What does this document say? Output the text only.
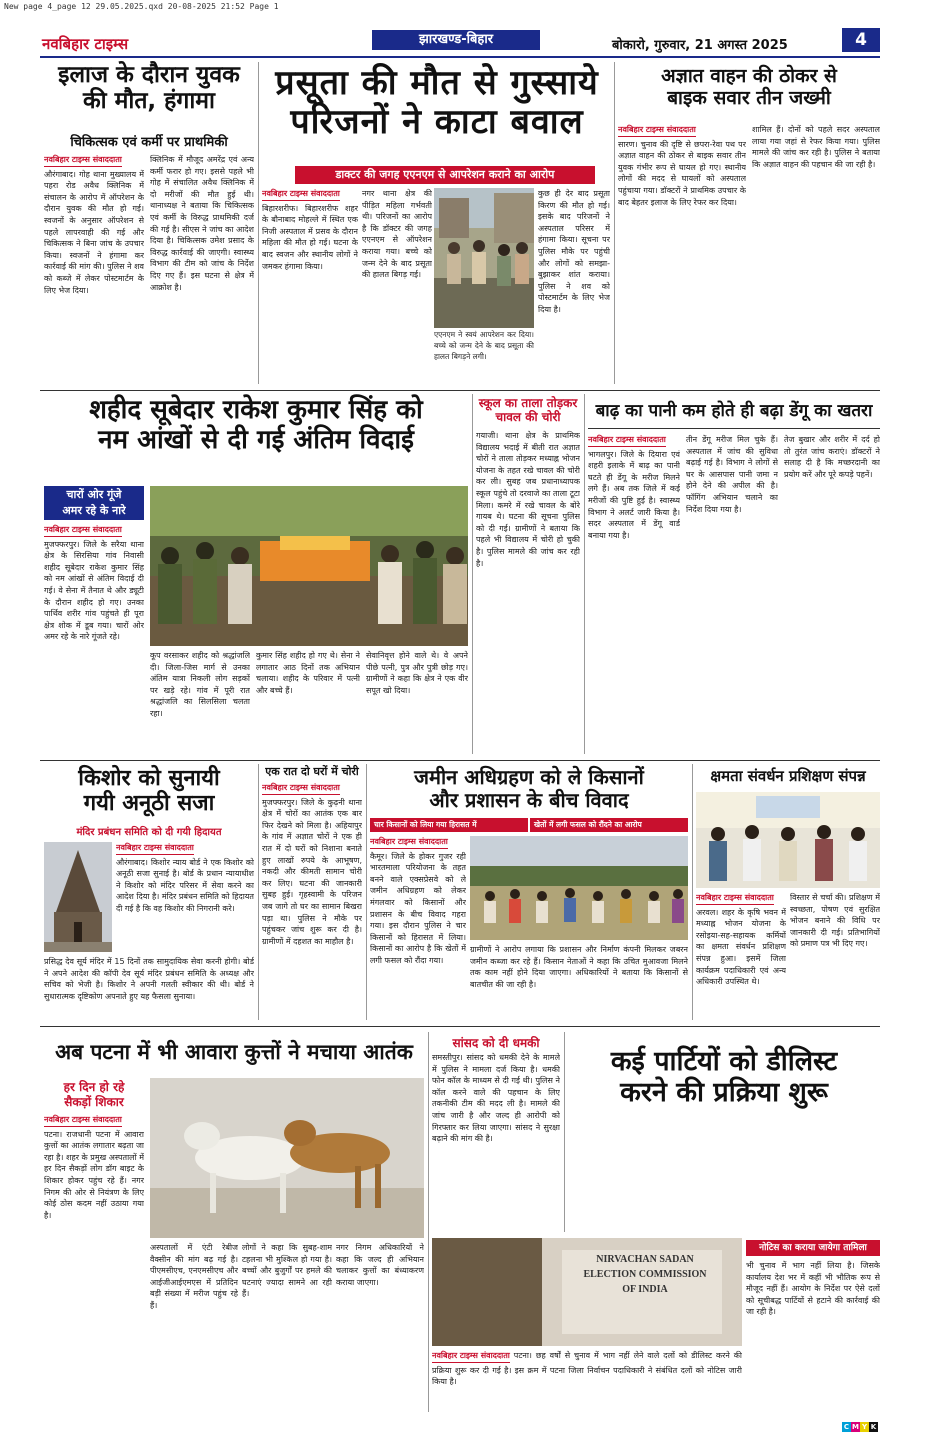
New page 4_page 12 29.05.2025.qxd 20-08-2025 21:52 Page 1
नवबिहार टाइम्स	झारखण्ड-बिहार	बोकारो, गुरुवार, 21 अगस्त 2025	4
इलाज के दौरान युवक
की मौत, हंगामा
चिकित्सक एवं कर्मी पर प्राथमिकी
नवबिहार टाइम्स संवाददाता
औरंगाबाद। गोह थाना मुख्यालय में पहरा रोड अवैध क्लिनिक में संचालन के आरोप में ऑपरेशन के दौरान युवक की मौत हो गई। स्वजनों के अनुसार ऑपरेशन से पहले लापरवाही की गई और चिकित्सक ने बिना जांच के उपचार किया। स्वजनों ने हंगामा कर कार्रवाई की मांग की। पुलिस ने शव को कब्जे में लेकर पोस्टमार्टम के लिए भेज दिया।
क्लिनिक में मौजूद अमरेंद्र एवं अन्य कर्मी फरार हो गए। इससे पहले भी गोह में संचालित अवैध क्लिनिक में दो मरीजों की मौत हुई थी। थानाध्यक्ष ने बताया कि चिकित्सक एवं कर्मी के विरुद्ध प्राथमिकी दर्ज की गई है। सीएस ने जांच का आदेश दिया है। चिकित्सक उमेश प्रसाद के विरुद्ध कार्रवाई की जाएगी। स्वास्थ्य विभाग की टीम को जांच के निर्देश दिए गए हैं। इस घटना से क्षेत्र में आक्रोश है।
प्रसूता की मौत से गुस्साये
परिजनों ने काटा बवाल
डाक्टर की जगह एएनएम से आपरेशन कराने का आरोप
नवबिहार टाइम्स संवाददाता
बिहारशरीफ। बिहारशरीफ शहर के बौनाबाद मोहल्ले में स्थित एक निजी अस्पताल में प्रसव के दौरान महिला की मौत हो गई। घटना के बाद स्वजन और स्थानीय लोगों ने जमकर हंगामा किया।
नगर थाना क्षेत्र की पीड़ित महिला गर्भवती थी। परिजनों का आरोप है कि डॉक्टर की जगह एएनएम से ऑपरेशन कराया गया। बच्चे को जन्म देने के बाद प्रसूता की हालत बिगड़ गई।
एएनएम ने स्वयं आपरेशन कर दिया। बच्चे को जन्म देने के बाद प्रसूता की हालत बिगड़ने लगी।
कुछ ही देर बाद प्रसूता किरण की मौत हो गई। इसके बाद परिजनों ने अस्पताल परिसर में हंगामा किया। सूचना पर पुलिस मौके पर पहुंची और लोगों को समझा-बुझाकर शांत कराया। पुलिस ने शव को पोस्टमार्टम के लिए भेज दिया है।
अज्ञात वाहन की ठोकर से
बाइक सवार तीन जख्मी
नवबिहार टाइम्स संवाददाता
सारण। चुनाव की दृष्टि से छपरा-रेवा पथ पर अज्ञात वाहन की ठोकर से बाइक सवार तीन युवक गंभीर रूप से घायल हो गए। स्थानीय लोगों की मदद से घायलों को अस्पताल पहुंचाया गया। डॉक्टरों ने प्राथमिक उपचार के बाद बेहतर इलाज के लिए रेफर कर दिया।
शामिल हैं। दोनों को पहले सदर अस्पताल लाया गया जहां से रेफर किया गया। पुलिस मामले की जांच कर रही है। पुलिस ने बताया कि अज्ञात वाहन की पहचान की जा रही है।
शहीद सूबेदार राकेश कुमार सिंह को
नम आंखों से दी गई अंतिम विदाई
चारों ओर गूंजे
अमर रहे के नारे
नवबिहार टाइम्स संवाददाता
मुजफ्फरपुर। जिले के सरैया थाना क्षेत्र के सिरसिया गांव निवासी शहीद सूबेदार राकेश कुमार सिंह को नम आंखों से अंतिम विदाई दी गई। वे सेना में तैनात थे और ड्यूटी के दौरान शहीद हो गए। उनका पार्थिव शरीर गांव पहुंचते ही पूरा क्षेत्र शोक में डूब गया। चारों ओर अमर रहे के नारे गूंजते रहे।
कूप वरसाकर शहीद को श्रद्धांजलि दी। जिला-जिस मार्ग से उनका अंतिम यात्रा निकली लोग सड़कों पर खड़े रहे। गांव में पूरी रात श्रद्धांजलि का सिलसिला चलता रहा।
कुमार सिंह शहीद हो गए थे। सेना ने लगातार आठ दिनों तक अभियान चलाया। शहीद के परिवार में पत्नी और बच्चे हैं।
सेवानिवृत्त होने वाले थे। वे अपने पीछे पत्नी, पुत्र और पुत्री छोड़ गए। ग्रामीणों ने कहा कि क्षेत्र ने एक वीर सपूत खो दिया।
स्कूल का ताला तोड़कर
चावल की चोरी
गयाजी। थाना क्षेत्र के प्राथमिक विद्यालय भदाई में बीती रात अज्ञात चोरों ने ताला तोड़कर मध्याह्न भोजन योजना के तहत रखे चावल की चोरी कर ली। सुबह जब प्रधानाध्यापक स्कूल पहुंचे तो दरवाजे का ताला टूटा मिला। कमरे में रखे चावल के बोरे गायब थे। घटना की सूचना पुलिस को दी गई। ग्रामीणों ने बताया कि पहले भी विद्यालय में चोरी हो चुकी है। पुलिस मामले की जांच कर रही है।
बाढ़ का पानी कम होते ही बढ़ा डेंगू का खतरा
नवबिहार टाइम्स संवाददाता
भागलपुर। जिले के दियारा एवं शहरी इलाके में बाढ़ का पानी घटते ही डेंगू के मरीज मिलने लगे हैं। अब तक जिले में कई मरीजों की पुष्टि हुई है। स्वास्थ्य विभाग ने अलर्ट जारी किया है। सदर अस्पताल में डेंगू वार्ड बनाया गया है।
तीन डेंगू मरीज मिल चुके हैं। अस्पताल में जांच की सुविधा बढ़ाई गई है। विभाग ने लोगों से घर के आसपास पानी जमा न होने देने की अपील की है। फॉगिंग अभियान चलाने का निर्देश दिया गया है।
तेज बुखार और शरीर में दर्द हो तो तुरंत जांच कराएं। डॉक्टरों ने सलाह दी है कि मच्छरदानी का प्रयोग करें और पूरे कपड़े पहनें।
किशोर को सुनायी
गयी अनूठी सजा
मंदिर प्रबंधन समिति को दी गयी हिदायत
नवबिहार टाइम्स संवाददाता
औरंगाबाद। किशोर न्याय बोर्ड ने एक किशोर को अनूठी सजा सुनाई है। बोर्ड के प्रधान न्यायाधीश ने किशोर को मंदिर परिसर में सेवा करने का आदेश दिया है। मंदिर प्रबंधन समिति को हिदायत दी गई है कि वह किशोर की निगरानी करे।
प्रसिद्ध देव सूर्य मंदिर में 15 दिनों तक सामुदायिक सेवा करनी होगी। बोर्ड ने अपने आदेश की कॉपी देव सूर्य मंदिर प्रबंधन समिति के अध्यक्ष और सचिव को भेजी है। किशोर ने अपनी गलती स्वीकार की थी। बोर्ड ने सुधारात्मक दृष्टिकोण अपनाते हुए यह फैसला सुनाया।
एक रात दो घरों में चोरी
नवबिहार टाइम्स संवाददाता
मुजफ्फरपुर। जिले के कुढ़नी थाना क्षेत्र में चोरों का आतंक एक बार फिर देखने को मिला है। अहियापुर के गांव में अज्ञात चोरों ने एक ही रात में दो घरों को निशाना बनाते हुए लाखों रुपये के आभूषण, नकदी और कीमती सामान चोरी कर लिए। घटना की जानकारी सुबह हुई। गृहस्वामी के परिजन जब जागे तो घर का सामान बिखरा पड़ा था। पुलिस ने मौके पर पहुंचकर जांच शुरू कर दी है। ग्रामीणों में दहशत का माहौल है।
जमीन अधिग्रहण को ले किसानों
और प्रशासन के बीच विवाद
चार किसानों को लिया गया हिरासत में	खेतों में लगी फसल को रौंदने का आरोप
नवबिहार टाइम्स संवाददाता
कैमूर। जिले के होकर गुजर रही भारतमाला परियोजना के तहत बनने वाले एक्सप्रेसवे को ले जमीन अधिग्रहण को लेकर मंगलवार को किसानों और प्रशासन के बीच विवाद गहरा गया। इस दौरान पुलिस ने चार किसानों को हिरासत में लिया। किसानों का आरोप है कि खेतों में लगी फसल को रौंदा गया।
ग्रामीणों ने आरोप लगाया कि प्रशासन और निर्माण कंपनी मिलकर जबरन जमीन कब्जा कर रहे हैं। किसान नेताओं ने कहा कि उचित मुआवजा मिलने तक काम नहीं होने दिया जाएगा। अधिकारियों ने बताया कि किसानों से बातचीत की जा रही है।
क्षमता संवर्धन प्रशिक्षण संपन्न
नवबिहार टाइम्स संवाददाता
अरवल। शहर के कृषि भवन में मध्याह्न भोजन योजना के रसोइया-सह-सहायक कर्मियों का क्षमता संवर्धन प्रशिक्षण संपन्न हुआ। इसमें जिला कार्यक्रम पदाधिकारी एवं अन्य अधिकारी उपस्थित थे।
विस्तार से चर्चा की। प्रशिक्षण में स्वच्छता, पोषण एवं सुरक्षित भोजन बनाने की विधि पर जानकारी दी गई। प्रतिभागियों को प्रमाण पत्र भी दिए गए।
अब पटना में भी आवारा कुत्तों ने मचाया आतंक
हर दिन हो रहे
सैकड़ों शिकार
नवबिहार टाइम्स संवाददाता
पटना। राजधानी पटना में आवारा कुत्तों का आतंक लगातार बढ़ता जा रहा है। शहर के प्रमुख अस्पतालों में हर दिन सैकड़ों लोग डॉग बाइट के शिकार होकर पहुंच रहे हैं। नगर निगम की ओर से नियंत्रण के लिए कोई ठोस कदम नहीं उठाया गया है।
अस्पतालों में एंटी रेबीज वैक्सीन की मांग बढ़ गई है। पीएमसीएच, एनएमसीएच और आईजीआईएमएस में प्रतिदिन बड़ी संख्या में मरीज पहुंच रहे हैं।
लोगों ने कहा कि सुबह-शाम टहलना भी मुश्किल हो गया है। बच्चों और बुजुर्गों पर हमले की घटनाएं ज्यादा सामने आ रही हैं।
नगर निगम अधिकारियों ने कहा कि जल्द ही अभियान चलाकर कुत्तों का बंध्याकरण कराया जाएगा।
सांसद को दी धमकी
समस्तीपुर। सांसद को धमकी देने के मामले में पुलिस ने मामला दर्ज किया है। धमकी फोन कॉल के माध्यम से दी गई थी। पुलिस ने कॉल करने वाले की पहचान के लिए तकनीकी टीम की मदद ली है। मामले की जांच जारी है और जल्द ही आरोपी को गिरफ्तार कर लिया जाएगा। सांसद ने सुरक्षा बढ़ाने की मांग की है।
कई पार्टियों को डीलिस्ट
करने की प्रक्रिया शुरू
NIRVACHAN SADAN
ELECTION COMMISSION
OF INDIA
नोटिस का कराया जायेगा तामिला
भी चुनाव में भाग नहीं लिया है। जिसके कार्यालय देश भर में कहीं भी भौतिक रूप से मौजूद नहीं हैं। आयोग के निर्देश पर ऐसे दलों को सूचीबद्ध पार्टियों से हटाने की कार्रवाई की जा रही है।
नवबिहार टाइम्स संवाददाता पटना। छह वर्षों से चुनाव में भाग नहीं लेने वाले दलों को डीलिस्ट करने की प्रक्रिया शुरू कर दी गई है। इस क्रम में पटना जिला निर्वाचन पदाधिकारी ने संबंधित दलों को नोटिस जारी किया है।
C M Y K
